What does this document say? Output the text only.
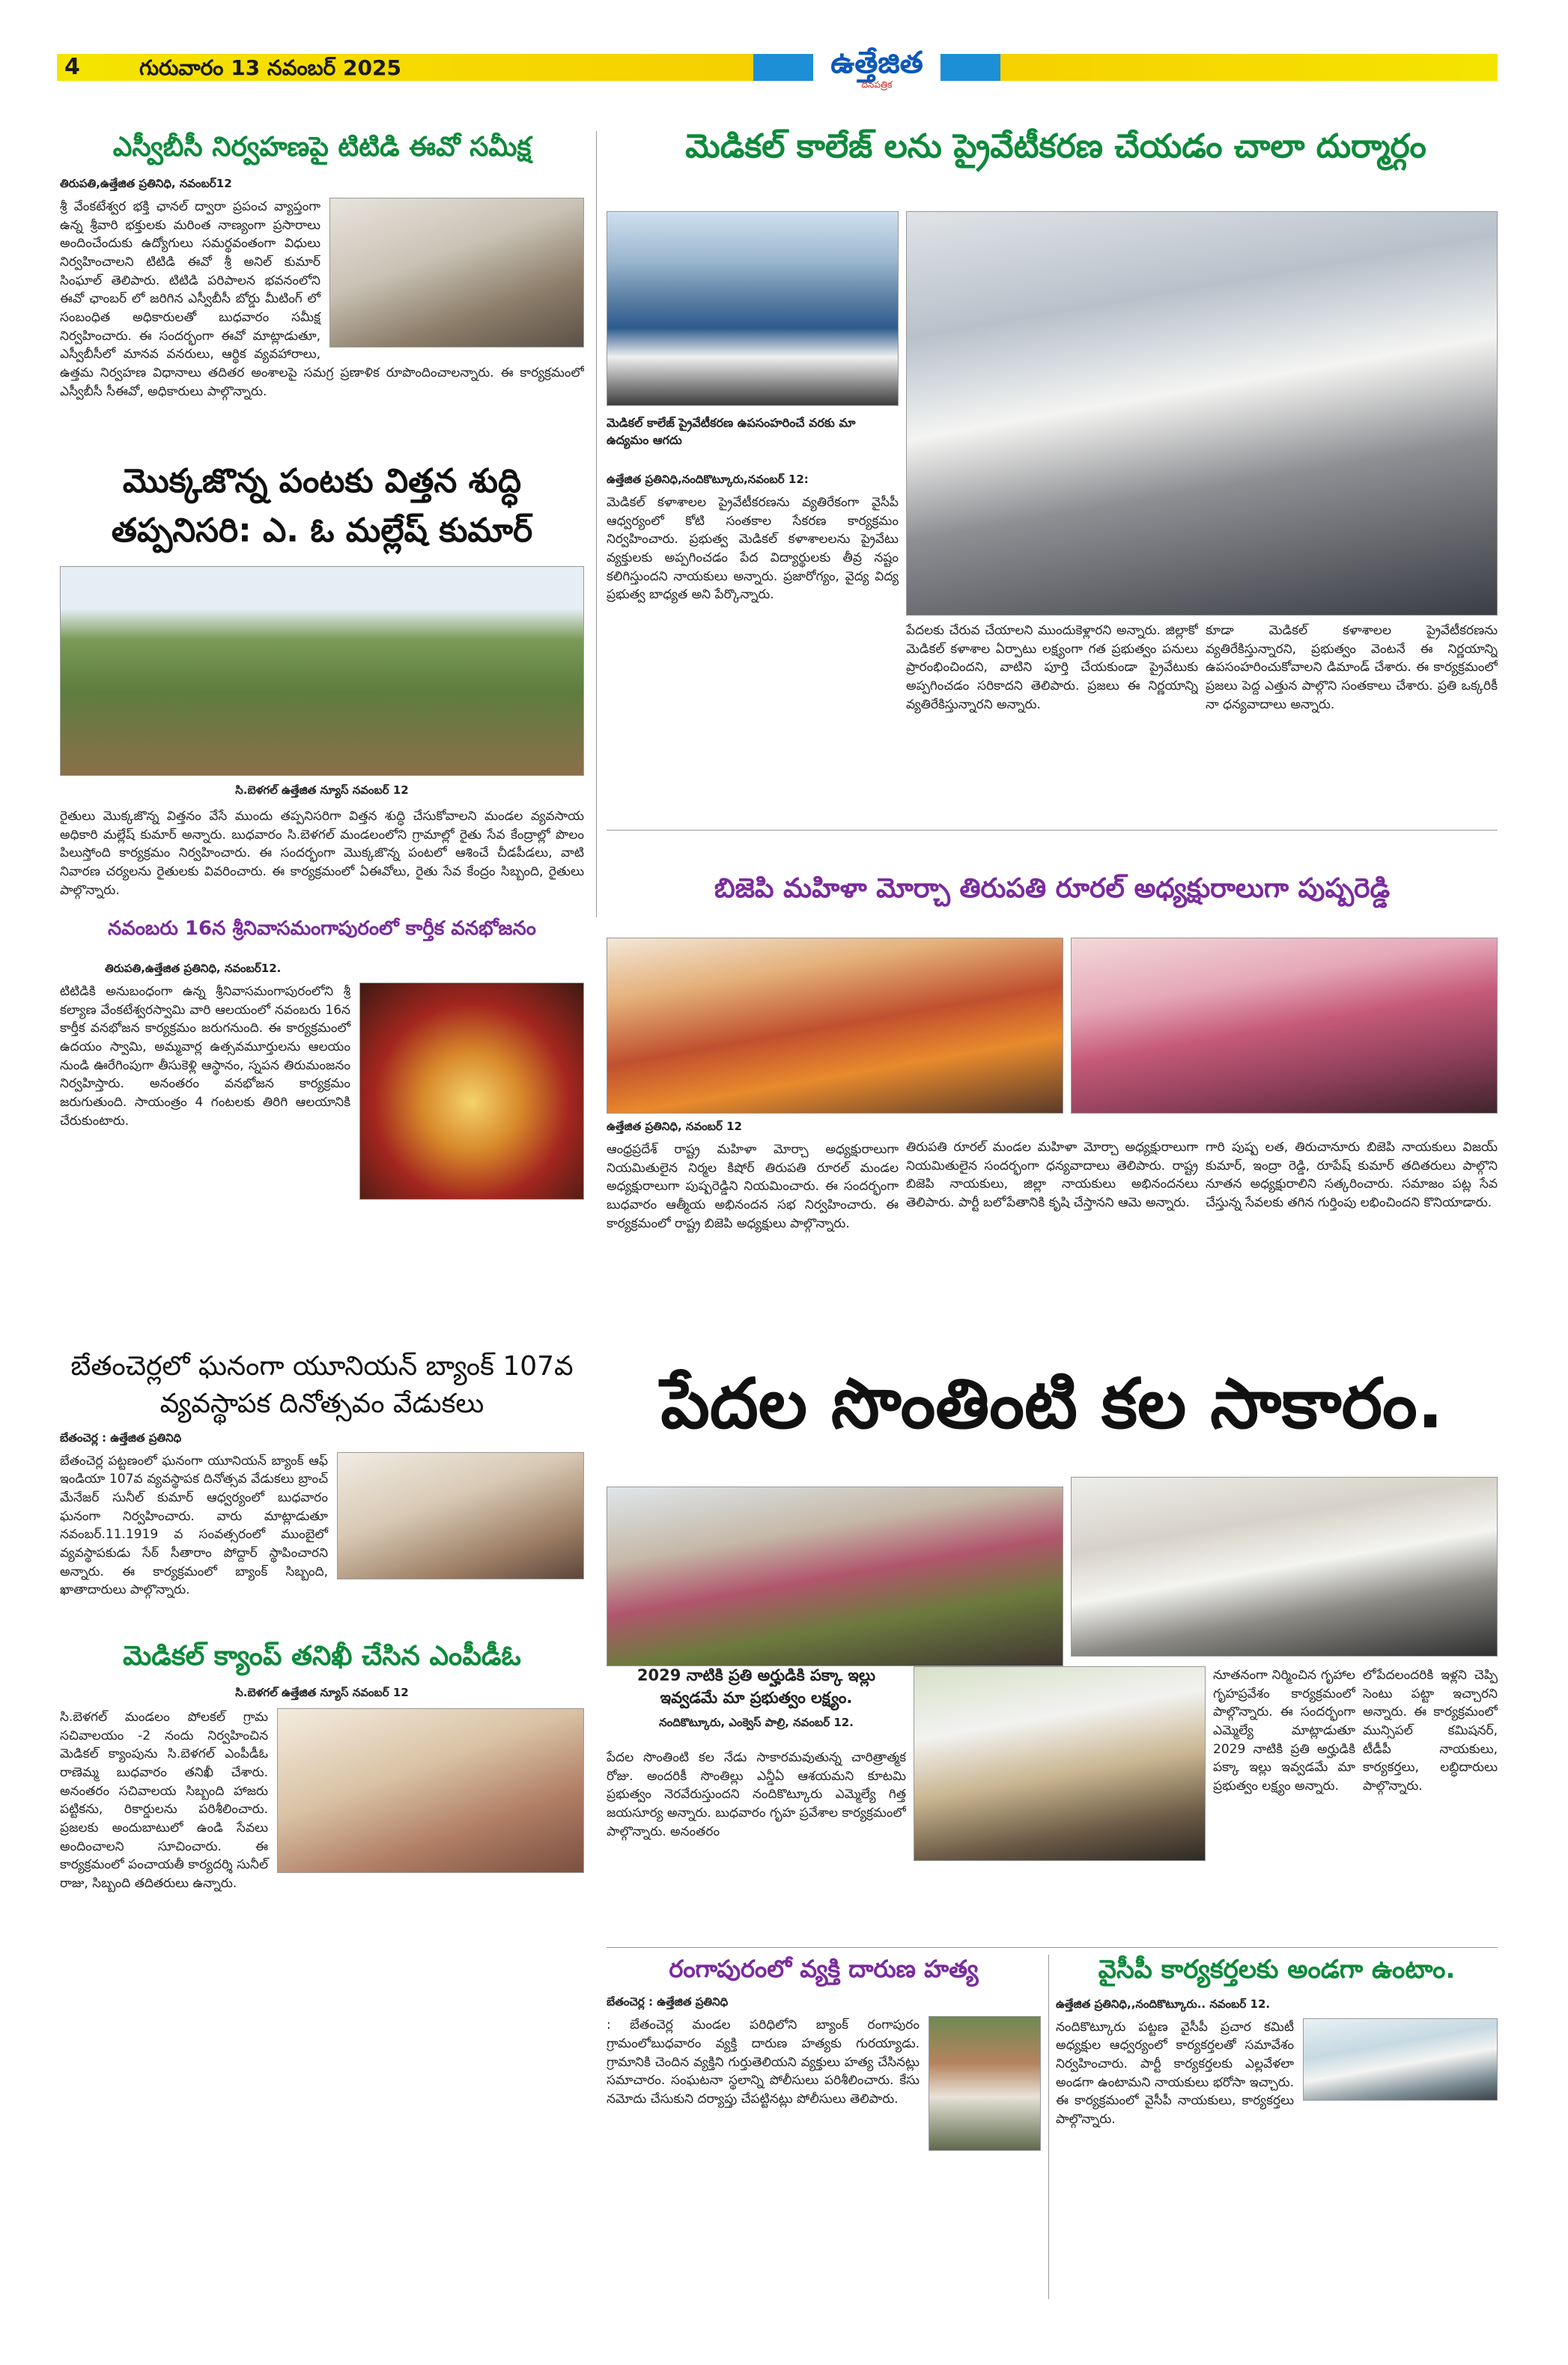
4	గురువారం 13 నవంబర్ 2025	ఉత్తేజిత
దినపత్రిక
ఎస్వీబీసీ నిర్వహణపై టిటిడి ఈవో సమీక్ష
తిరుపతి,ఉత్తేజిత ప్రతినిధి, నవంబర్12
శ్రీ వేంకటేశ్వర భక్తి ఛానల్ ద్వారా ప్రపంచ వ్యాప్తంగా ఉన్న శ్రీవారి భక్తులకు మరింత నాణ్యంగా ప్రసారాలు అందించేందుకు ఉద్యోగులు సమర్థవంతంగా విధులు నిర్వహించాలని టిటిడి ఈవో శ్రీ అనిల్ కుమార్ సింఘాల్ తెలిపారు. టిటిడి పరిపాలన భవనంలోని ఈవో ఛాంబర్ లో జరిగిన ఎస్వీబీసీ బోర్డు మీటింగ్ లో సంబంధిత అధికారులతో బుధవారం సమీక్ష నిర్వహించారు. ఈ సందర్భంగా ఈవో మాట్లాడుతూ, ఎస్వీబీసీలో మానవ వనరులు, ఆర్థిక వ్యవహారాలు, ఉత్తమ నిర్వహణ విధానాలు తదితర అంశాలపై సమగ్ర ప్రణాళిక రూపొందించాలన్నారు. ఈ కార్యక్రమంలో ఎస్వీబీసీ సీఈవో, అధికారులు పాల్గొన్నారు.
మొక్కజొన్న పంటకు విత్తన శుద్ధి తప్పనిసరి: ఎ. ఓ మల్లేష్ కుమార్
సి.బెళగల్ ఉత్తేజిత న్యూస్ నవంబర్ 12
రైతులు మొక్కజొన్న విత్తనం వేసే ముందు తప్పనిసరిగా విత్తన శుద్ధి చేసుకోవాలని మండల వ్యవసాయ అధికారి మల్లేష్ కుమార్ అన్నారు. బుధవారం సి.బెళగల్ మండలంలోని గ్రామాల్లో రైతు సేవ కేంద్రాల్లో పొలం పిలుస్తోంది కార్యక్రమం నిర్వహించారు. ఈ సందర్భంగా మొక్కజొన్న పంటలో ఆశించే చీడపీడలు, వాటి నివారణ చర్యలను రైతులకు వివరించారు. ఈ కార్యక్రమంలో ఏఈవోలు, రైతు సేవ కేంద్రం సిబ్బంది, రైతులు పాల్గొన్నారు.
నవంబరు 16న శ్రీనివాసమంగాపురంలో కార్తీక వనభోజనం
తిరుపతి,ఉత్తేజిత ప్రతినిధి, నవంబర్12.
టిటిడికి అనుబంధంగా ఉన్న శ్రీనివాసమంగాపురంలోని శ్రీ కల్యాణ వేంకటేశ్వరస్వామి వారి ఆలయంలో నవంబరు 16న కార్తీక వనభోజన కార్యక్రమం జరుగనుంది. ఈ కార్యక్రమంలో ఉదయం స్వామి, అమ్మవార్ల ఉత్సవమూర్తులను ఆలయం నుండి ఊరేగింపుగా తీసుకెళ్లి ఆస్థానం, స్నపన తిరుమంజనం నిర్వహిస్తారు. అనంతరం వనభోజన కార్యక్రమం జరుగుతుంది. సాయంత్రం 4 గంటలకు తిరిగి ఆలయానికి చేరుకుంటారు.
బేతంచెర్లలో ఘనంగా యూనియన్ బ్యాంక్ 107వ వ్యవస్థాపక దినోత్సవం వేడుకలు
బేతంచెర్ల : ఉత్తేజిత ప్రతినిధి
బేతంచెర్ల పట్టణంలో ఘనంగా యూనియన్ బ్యాంక్ ఆఫ్ ఇండియా 107వ వ్యవస్థాపక దినోత్సవ వేడుకలు బ్రాంచ్ మేనేజర్ సునీల్ కుమార్ ఆధ్వర్యంలో బుధవారం ఘనంగా నిర్వహించారు. వారు మాట్లాడుతూ నవంబర్.11.1919 వ సంవత్సరంలో ముంబైలో వ్యవస్థాపకుడు సేఠ్ సీతారాం పోద్దార్ స్థాపించారని అన్నారు. ఈ కార్యక్రమంలో బ్యాంక్ సిబ్బంది, ఖాతాదారులు పాల్గొన్నారు.
మెడికల్ క్యాంప్ తనిఖీ చేసిన ఎంపీడీఓ
సి.బెళగల్ ఉత్తేజిత న్యూస్ నవంబర్ 12
సి.బెళగల్ మండలం పోలకల్ గ్రామ సచివాలయం -2 నందు నిర్వహించిన మెడికల్ క్యాంపును సి.బెళగల్ ఎంపీడీఓ రాణెమ్మ బుధవారం తనిఖీ చేశారు. అనంతరం సచివాలయ సిబ్బంది హాజరు పట్టికను, రికార్డులను పరిశీలించారు. ప్రజలకు అందుబాటులో ఉండి సేవలు అందించాలని సూచించారు. ఈ కార్యక్రమంలో పంచాయతీ కార్యదర్శి సునీల్ రాజు, సిబ్బంది తదితరులు ఉన్నారు.
మెడికల్ కాలేజ్ లను ప్రైవేటీకరణ చేయడం చాలా దుర్మార్గం
మెడికల్ కాలేజ్ ప్రైవేటీకరణ ఉపసంహరించే వరకు మా ఉద్యమం ఆగదు
ఉత్తేజిత ప్రతినిధి,నందికొట్కూరు,నవంబర్ 12:
మెడికల్ కళాశాలల ప్రైవేటీకరణను వ్యతిరేకంగా వైసీపీ ఆధ్వర్యంలో కోటి సంతకాల సేకరణ కార్యక్రమం నిర్వహించారు. ప్రభుత్వ మెడికల్ కళాశాలలను ప్రైవేటు వ్యక్తులకు అప్పగించడం పేద విద్యార్థులకు తీవ్ర నష్టం కలిగిస్తుందని నాయకులు అన్నారు. ప్రజారోగ్యం, వైద్య విద్య ప్రభుత్వ బాధ్యత అని పేర్కొన్నారు.
పేదలకు చేరువ చేయాలని ముందుకెళ్లారని అన్నారు. జిల్లాకో మెడికల్ కళాశాల ఏర్పాటు లక్ష్యంగా గత ప్రభుత్వం పనులు ప్రారంభించిందని, వాటిని పూర్తి చేయకుండా ప్రైవేటుకు అప్పగించడం సరికాదని తెలిపారు. ప్రజలు ఈ నిర్ణయాన్ని వ్యతిరేకిస్తున్నారని అన్నారు.
కూడా మెడికల్ కళాశాలల ప్రైవేటీకరణను వ్యతిరేకిస్తున్నారని, ప్రభుత్వం వెంటనే ఈ నిర్ణయాన్ని ఉపసంహరించుకోవాలని డిమాండ్ చేశారు. ఈ కార్యక్రమంలో ప్రజలు పెద్ద ఎత్తున పాల్గొని సంతకాలు చేశారు. ప్రతి ఒక్కరికీ నా ధన్యవాదాలు అన్నారు.
బిజెపి మహిళా మోర్చా తిరుపతి రూరల్ అధ్యక్షురాలుగా పుష్పరెడ్డి
ఉత్తేజిత ప్రతినిధి, నవంబర్ 12
ఆంధ్రప్రదేశ్ రాష్ట్ర మహిళా మోర్చా అధ్యక్షురాలుగా నియమితులైన నిర్మల కిషోర్ తిరుపతి రూరల్ మండల అధ్యక్షురాలుగా పుష్పరెడ్డిని నియమించారు. ఈ సందర్భంగా బుధవారం ఆత్మీయ అభినందన సభ నిర్వహించారు. ఈ కార్యక్రమంలో రాష్ట్ర బిజెపి అధ్యక్షులు పాల్గొన్నారు.
తిరుపతి రూరల్ మండల మహిళా మోర్చా అధ్యక్షురాలుగా నియమితులైన సందర్భంగా ధన్యవాదాలు తెలిపారు. రాష్ట్ర బిజెపి నాయకులు, జిల్లా నాయకులు అభినందనలు తెలిపారు. పార్టీ బలోపేతానికి కృషి చేస్తానని ఆమె అన్నారు.
గారి పుష్ప లత, తిరుచానూరు బిజెపి నాయకులు విజయ్ కుమార్, ఇంద్రా రెడ్డి, రూపేష్ కుమార్ తదితరులు పాల్గొని నూతన అధ్యక్షురాలిని సత్కరించారు. సమాజం పట్ల సేవ చేస్తున్న సేవలకు తగిన గుర్తింపు లభించిందని కొనియాడారు.
పేదల సొంతింటి కల సాకారం.
2029 నాటికి ప్రతి అర్హుడికి పక్కా ఇల్లు ఇవ్వడమే మా ప్రభుత్వం లక్ష్యం.
నందికొట్కూరు, ఎంక్వెస్ పాల్రి, నవంబర్ 12.
పేదల సొంతింటి కల నేడు సాకారమవుతున్న చారిత్రాత్మక రోజు. అందరికీ సొంతిల్లు ఎన్డీఏ ఆశయమని కూటమి ప్రభుత్వం నెరవేరుస్తుందని నందికొట్కూరు ఎమ్మెల్యే గిత్త జయసూర్య అన్నారు. బుధవారం గృహ ప్రవేశాల కార్యక్రమంలో పాల్గొన్నారు. అనంతరం
నూతనంగా నిర్మించిన గృహాల గృహప్రవేశం కార్యక్రమంలో పాల్గొన్నారు. ఈ సందర్భంగా ఎమ్మెల్యే మాట్లాడుతూ 2029 నాటికి ప్రతి అర్హుడికి పక్కా ఇల్లు ఇవ్వడమే మా ప్రభుత్వం లక్ష్యం అన్నారు.
లోపేదలందరికి ఇళ్లని చెప్పి సెంటు పట్టా ఇచ్చారని అన్నారు. ఈ కార్యక్రమంలో మున్సిపల్ కమిషనర్, టీడీపీ నాయకులు, కార్యకర్తలు, లబ్ధిదారులు పాల్గొన్నారు.
రంగాపురంలో వ్యక్తి దారుణ హత్య
బేతంచెర్ల : ఉత్తేజిత ప్రతినిధి
: బేతంచెర్ల మండల పరిధిలోని బ్యాంక్ రంగాపురం గ్రామంలోబుధవారం వ్యక్తి దారుణ హత్యకు గురయ్యాడు. గ్రామానికి చెందిన వ్యక్తిని గుర్తుతెలియని వ్యక్తులు హత్య చేసినట్లు సమాచారం. సంఘటనా స్థలాన్ని పోలీసులు పరిశీలించారు. కేసు నమోదు చేసుకుని దర్యాప్తు చేపట్టినట్లు పోలీసులు తెలిపారు.
వైసీపీ కార్యకర్తలకు అండగా ఉంటాం.
ఉత్తేజిత ప్రతినిధి,,నందికొట్కూరు.. నవంబర్ 12.
నందికొట్కూరు పట్టణ వైసీపీ ప్రచార కమిటీ అధ్యక్షుల ఆధ్వర్యంలో కార్యకర్తలతో సమావేశం నిర్వహించారు. పార్టీ కార్యకర్తలకు ఎల్లవేళలా అండగా ఉంటామని నాయకులు భరోసా ఇచ్చారు. ఈ కార్యక్రమంలో వైసీపీ నాయకులు, కార్యకర్తలు పాల్గొన్నారు.
